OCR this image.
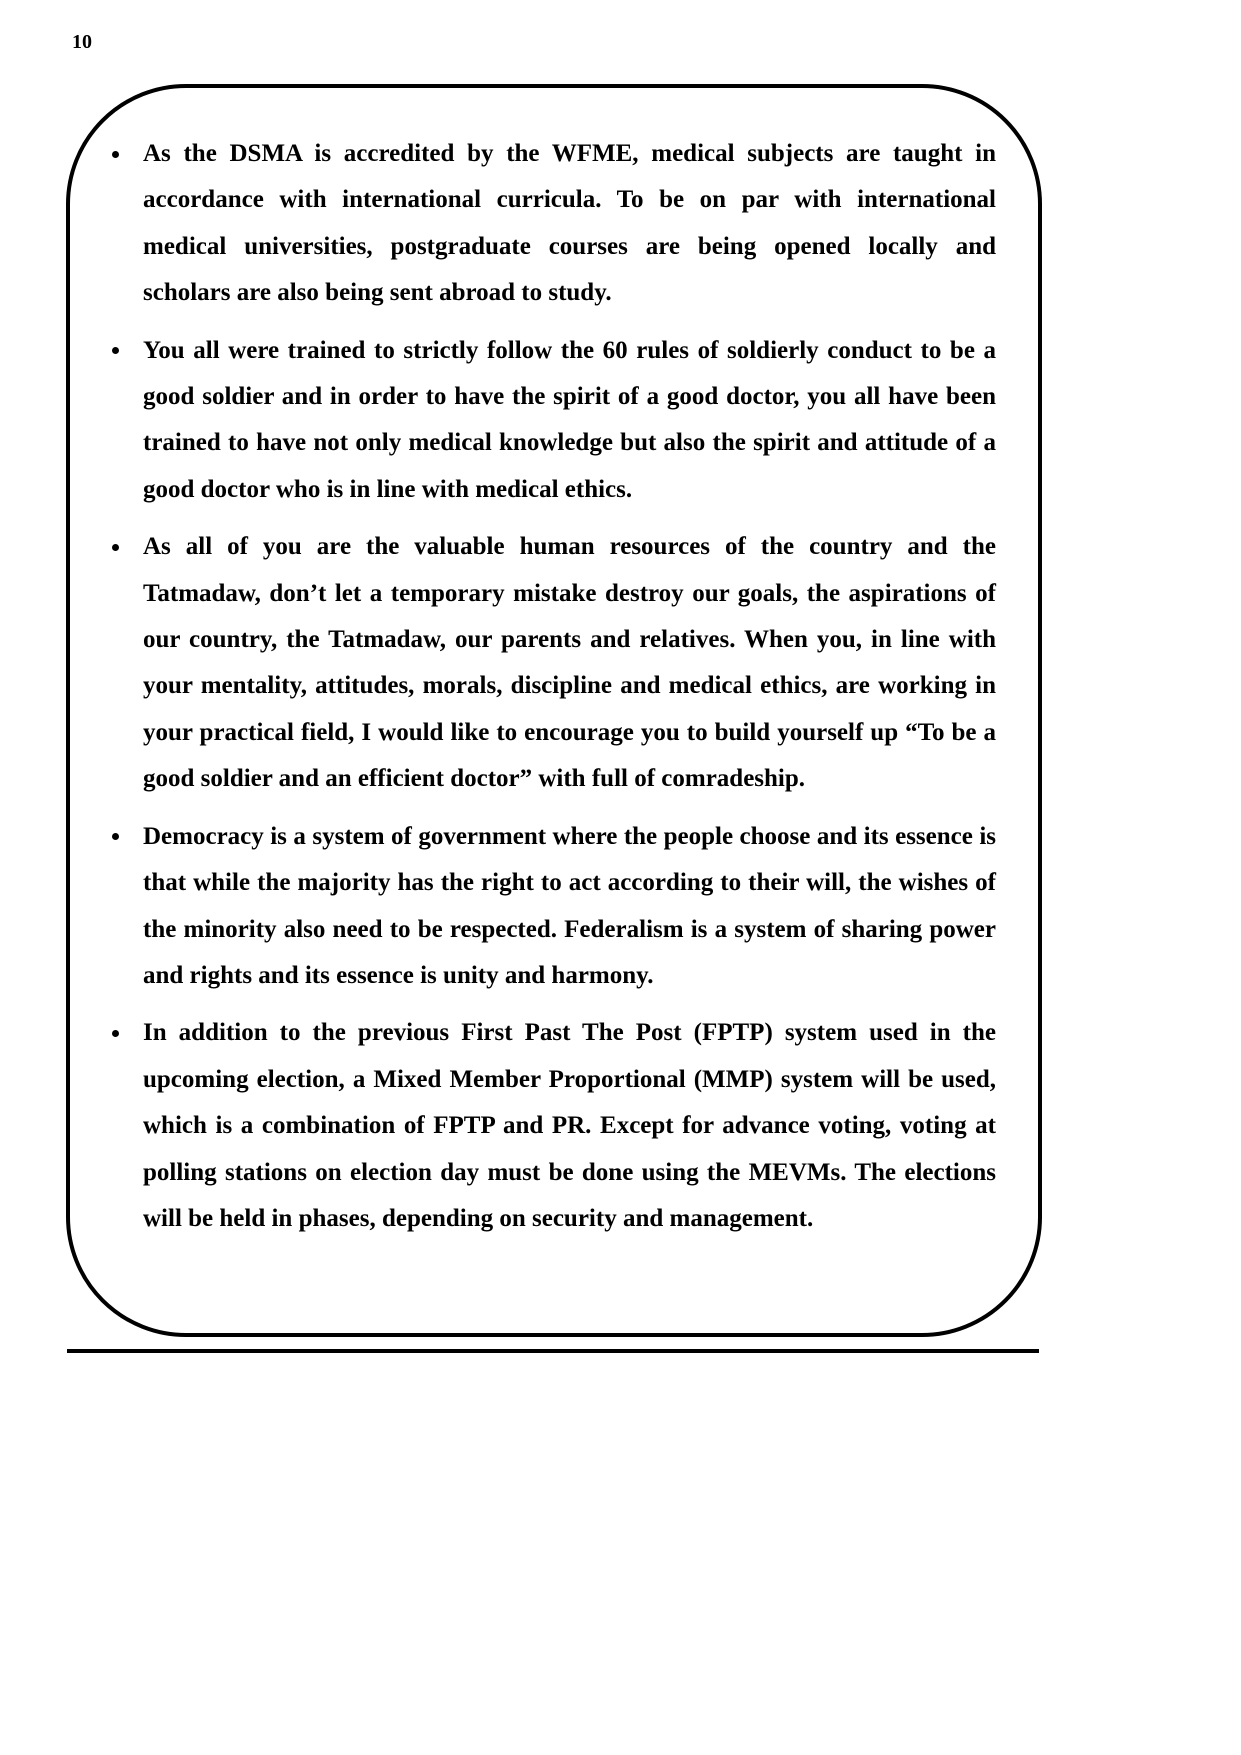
10
As the DSMA is accredited by the WFME, medical subjects are taught in accordance with international curricula. To be on par with international medical universities, postgraduate courses are being opened locally and scholars are also being sent abroad to study.
You all were trained to strictly follow the 60 rules of soldierly conduct to be a good soldier and in order to have the spirit of a good doctor, you all have been trained to have not only medical knowledge but also the spirit and attitude of a good doctor who is in line with medical ethics.
As all of you are the valuable human resources of the country and the Tatmadaw, don’t let a temporary mistake destroy our goals, the aspirations of our country, the Tatmadaw, our parents and relatives. When you, in line with your mentality, attitudes, morals, discipline and medical ethics, are working in your practical field, I would like to encourage you to build yourself up “To be a good soldier and an efficient doctor” with full of comradeship.
Democracy is a system of government where the people choose and its essence is that while the majority has the right to act according to their will, the wishes of the minority also need to be respected. Federalism is a system of sharing power and rights and its essence is unity and harmony.
In addition to the previous First Past The Post (FPTP) system used in the upcoming election, a Mixed Member Proportional (MMP) system will be used, which is a combination of FPTP and PR. Except for advance voting, voting at polling stations on election day must be done using the MEVMs. The elections will be held in phases, depending on security and management.
